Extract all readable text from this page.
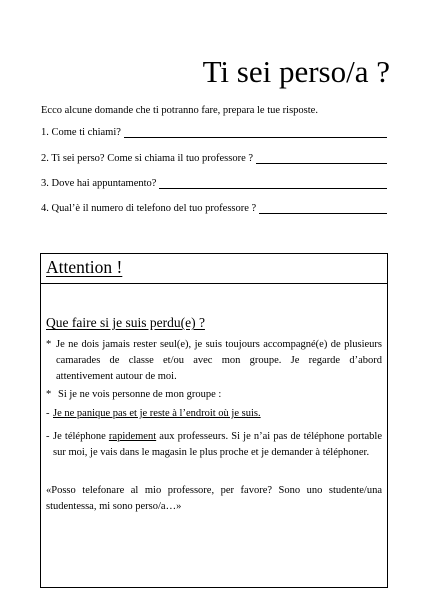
Ti sei perso/a ?
Ecco alcune domande che ti potranno fare, prepara le tue risposte.
1. Come ti chiami?
2. Ti sei perso? Come si chiama il tuo professore ?
3. Dove hai appuntamento?
4. Qual’è il numero di telefono del tuo professore ?
Attention !
Que faire si je suis perdu(e) ?
* Je ne dois jamais rester seul(e), je suis toujours accompagné(e) de plusieurs camarades de classe et/ou avec mon groupe. Je regarde d’abord attentivement autour de moi.
* Si je ne vois personne de mon groupe :
- Je ne panique pas et je reste à l’endroit où je suis.
- Je téléphone rapidement aux professeurs. Si je n’ai pas de téléphone portable sur moi, je vais dans le magasin le plus proche et je demander à téléphoner.
«Posso telefonare al mio professore, per favore? Sono uno studente/una studentessa, mi sono perso/a…»
